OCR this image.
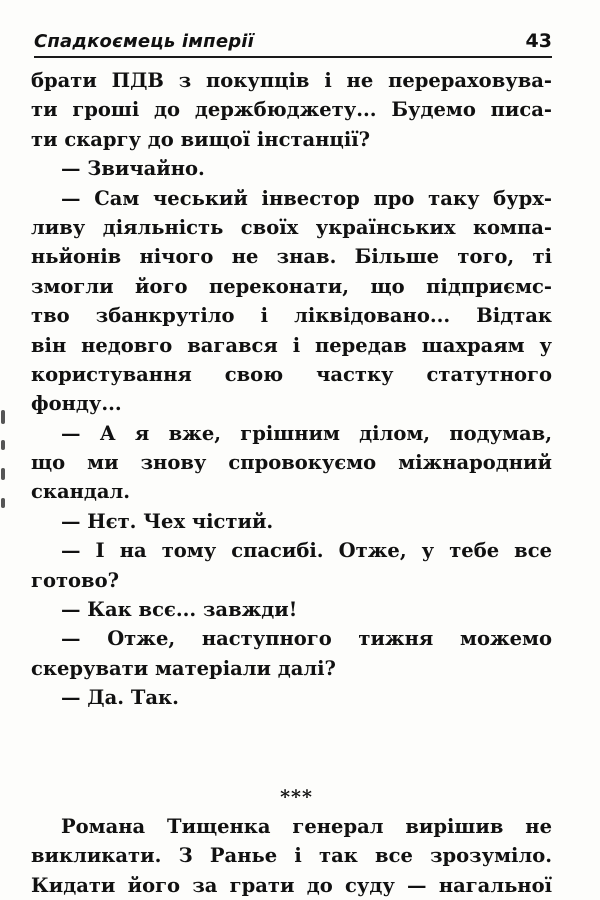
Спадкоємець імперії	43
брати ПДВ з покупців і не перераховува-
ти гроші до держбюджету... Будемо писа-
ти скаргу до вищої інстанції?
— Звичайно.
— Сам чеський інвестор про таку бурх-
ливу діяльність своїх українських компа-
ньйонів нічого не знав. Більше того, ті
змогли його переконати, що підприємс-
тво збанкрутіло і ліквідовано... Відтак
він недовго вагався і передав шахраям у
користування свою частку статутного
фонду...
— А я вже, грішним ділом, подумав,
що ми знову спровокуємо міжнародний
скандал.
— Нєт. Чех чістий.
— І на тому спасибі. Отже, у тебе все
готово?
— Как всє... завжди!
— Отже, наступного тижня можемо
скерувати матеріали далі?
— Да. Так.
***
Романа Тищенка генерал вирішив не
викликати. З Ранье і так все зрозуміло.
Кидати його за грати до суду — нагальної
